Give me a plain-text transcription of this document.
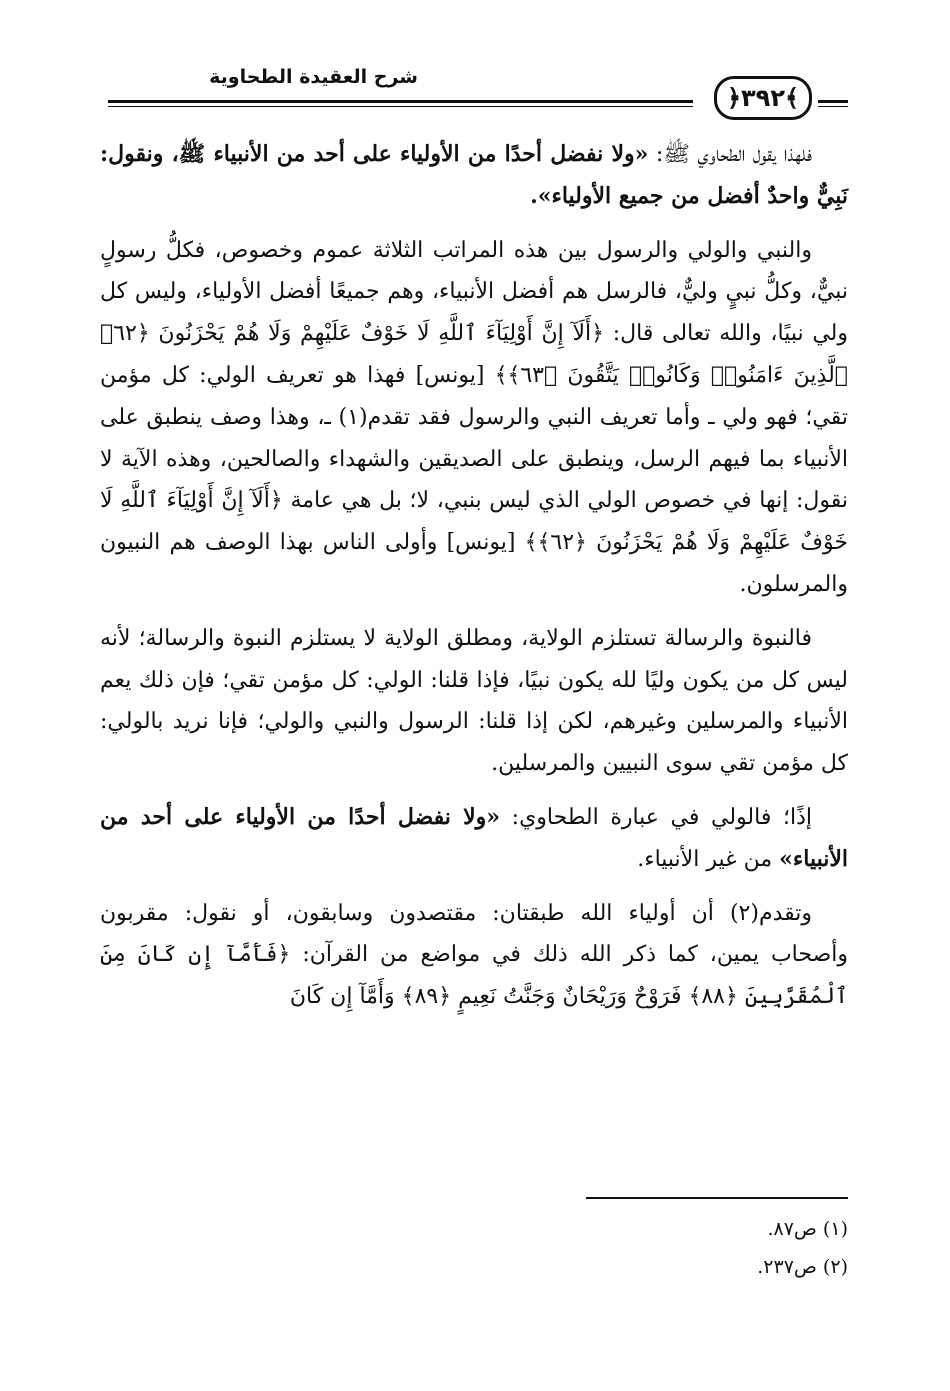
شرح العقيدة الطحاوية
﴿٣٩٢﴾

فلهذا يقول الطحاوي ﷺ: «ولا نفضل أحدًا من الأولياء على أحد من الأنبياء ﷺ، ونقول: نَبِيٌّ واحدٌ أفضل من جميع الأولياء».

والنبي والولي والرسول بين هذه المراتب الثلاثة عموم وخصوص، فكلُّ رسولٍ نبيٌّ، وكلُّ نبيٍ وليٌّ، فالرسل هم أفضل الأنبياء، وهم جميعًا أفضل الأولياء، وليس كل ولي نبيًا، والله تعالى قال: ﴿أَلَآ إِنَّ أَوْلِيَآءَ ٱللَّهِ لَا خَوْفٌ عَلَيْهِمْ وَلَا هُمْ يَحْزَنُونَ ﴿٦٢﴾ ٱلَّذِينَ ءَامَنُوا۟ وَكَانُوا۟ يَتَّقُونَ ﴿٦٣﴾﴾ [يونس] فهذا هو تعريف الولي: كل مؤمن تقي؛ فهو ولي ـ وأما تعريف النبي والرسول فقد تقدم(١) ـ، وهذا وصف ينطبق على الأنبياء بما فيهم الرسل، وينطبق على الصديقين والشهداء والصالحين، وهذه الآية لا نقول: إنها في خصوص الولي الذي ليس بنبي، لا؛ بل هي عامة ﴿أَلَآ إِنَّ أَوْلِيَآءَ ٱللَّهِ لَا خَوْفٌ عَلَيْهِمْ وَلَا هُمْ يَحْزَنُونَ ﴿٦٢﴾﴾ [يونس] وأولى الناس بهذا الوصف هم النبيون والمرسلون.

فالنبوة والرسالة تستلزم الولاية، ومطلق الولاية لا يستلزم النبوة والرسالة؛ لأنه ليس كل من يكون وليًا لله يكون نبيًا، فإذا قلنا: الولي: كل مؤمن تقي؛ فإن ذلك يعم الأنبياء والمرسلين وغيرهم، لكن إذا قلنا: الرسول والنبي والولي؛ فإنا نريد بالولي: كل مؤمن تقي سوى النبيين والمرسلين.

إذًا؛ فالولي في عبارة الطحاوي: «ولا نفضل أحدًا من الأولياء على أحد من الأنبياء» من غير الأنبياء.

وتقدم(٢) أن أولياء الله طبقتان: مقتصدون وسابقون، أو نقول: مقربون وأصحاب يمين، كما ذكر الله ذلك في مواضع من القرآن: ﴿فَأَمَّآ إِن كَانَ مِنَ ٱلْمُقَرَّبِينَ ﴿٨٨﴾ فَرَوْحٌ وَرَيْحَانٌ وَجَنَّتُ نَعِيمٍ ﴿٨٩﴾ وَأَمَّآ إِن كَانَ

(١) ص٨٧.
(٢) ص٢٣٧.
